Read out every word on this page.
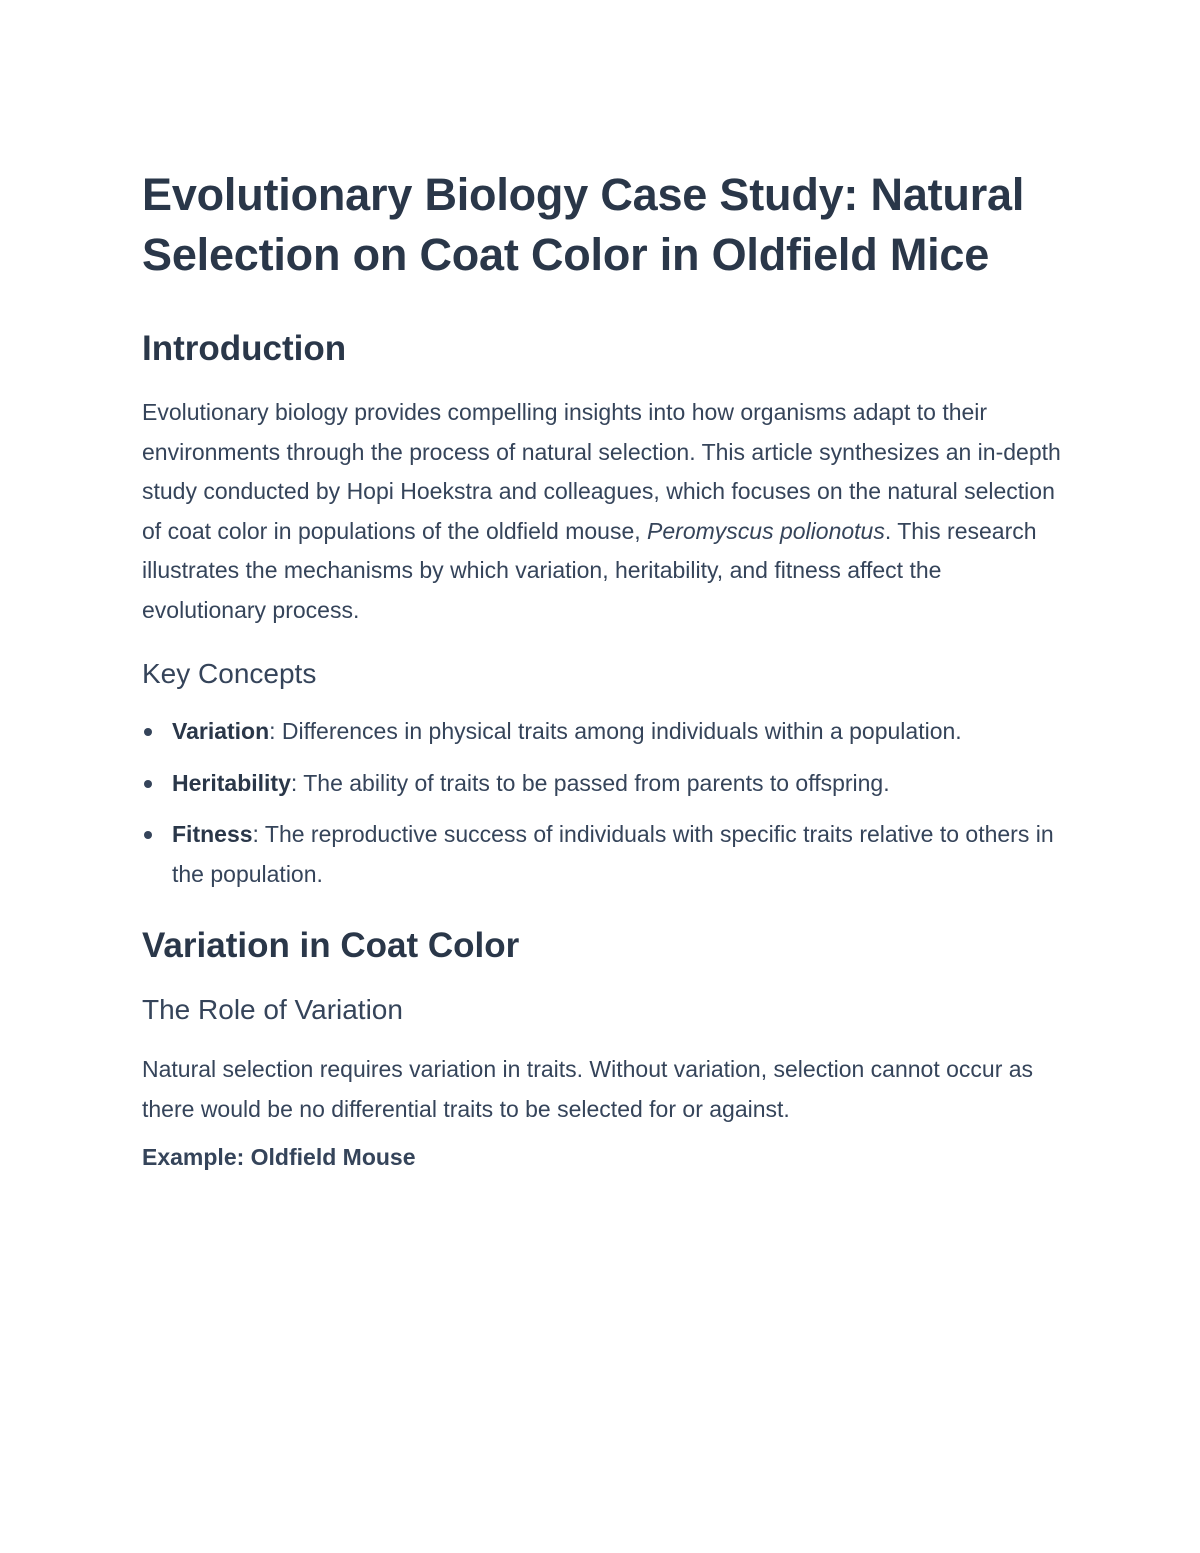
Evolutionary Biology Case Study: Natural Selection on Coat Color in Oldfield Mice
Introduction

Evolutionary biology provides compelling insights into how organisms adapt to their environments through the process of natural selection. This article synthesizes an in-depth study conducted by Hopi Hoekstra and colleagues, which focuses on the natural selection of coat color in populations of the oldfield mouse, Peromyscus polionotus. This research illustrates the mechanisms by which variation, heritability, and fitness affect the evolutionary process.

Key Concepts
Variation: Differences in physical traits among individuals within a population.
Heritability: The ability of traits to be passed from parents to offspring.
Fitness: The reproductive success of individuals with specific traits relative to others in the population.
Variation in Coat Color
The Role of Variation

Natural selection requires variation in traits. Without variation, selection cannot occur as there would be no differential traits to be selected for or against.

Example: Oldfield Mouse
